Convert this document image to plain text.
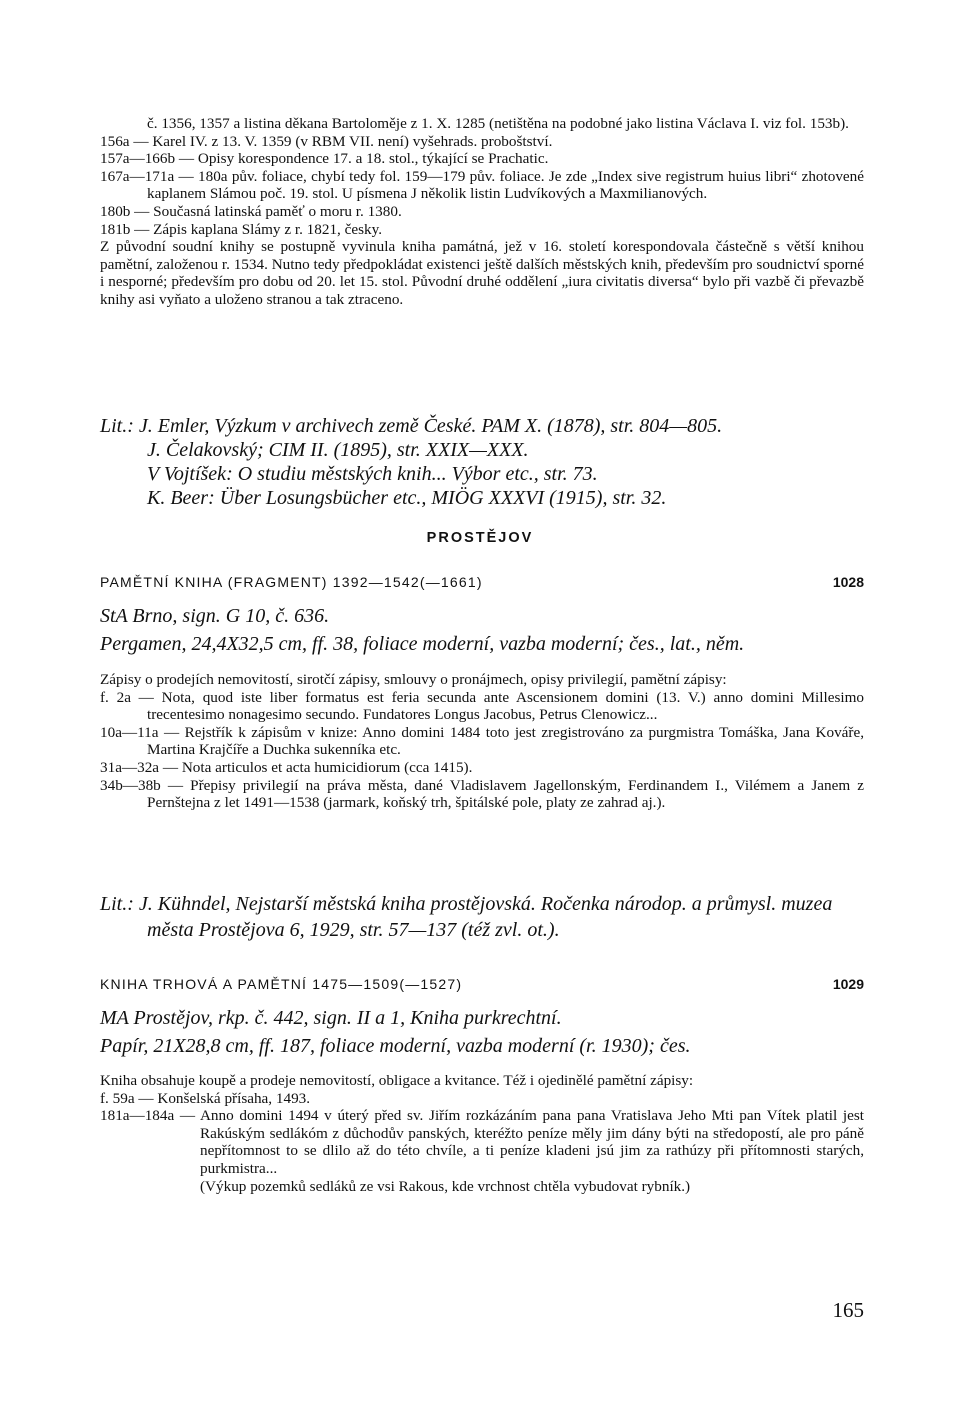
č. 1356, 1357 a listina děkana Bartoloměje z 1. X. 1285 (netištěna na podobné jako listina Václava I. viz fol. 153b).
156a — Karel IV. z 13. V. 1359 (v RBM VII. není) vyšehrads. proboštství.
157a—166b — Opisy korespondence 17. a 18. stol., týkající se Prachatic.
167a—171a — 180a pův. foliace, chybí tedy fol. 159—179 pův. foliace. Je zde „Index sive registrum huius libri“ zhotovené kaplanem Slámou poč. 19. stol. U písmena J několik listin Ludvíkových a Maxmilianových.
180b — Současná latinská paměť o moru r. 1380.
181b — Zápis kaplana Slámy z r. 1821, česky.
Z původní soudní knihy se postupně vyvinula kniha památná, jež v 16. století korespondovala částečně s větší knihou pamětní, založenou r. 1534. Nutno tedy předpokládat existenci ještě dalších městských knih, především pro soudnictví sporné i nesporné; především pro dobu od 20. let 15. stol. Původní druhé oddělení „iura civitatis diversa“ bylo při vazbě či převazbě knihy asi vyňato a uloženo stranou a tak ztraceno.
Lit.: J. Emler, Výzkum v archivech země České. PAM X. (1878), str. 804—805.
J. Čelakovský; CIM II. (1895), str. XXIX—XXX.
V Vojtíšek: O studiu městských knih... Výbor etc., str. 73.
K. Beer: Über Losungsbücher etc., MIÖG XXXVI (1915), str. 32.
PROSTĚJOV
PAMĚTNÍ KNIHA (FRAGMENT) 1392—1542(—1661)	1028
StA Brno, sign. G 10, č. 636.
Pergamen, 24,4X32,5 cm, ff. 38, foliace moderní, vazba moderní; čes., lat., něm.
Zápisy o prodejích nemovitostí, sirotčí zápisy, smlouvy o pronájmech, opisy privilegií, pamětní zápisy:
f. 2a — Nota, quod iste liber formatus est feria secunda ante Ascensionem domini (13. V.) anno domini Millesimo trecentesimo nonagesimo secundo. Fundatores Longus Jacobus, Petrus Clenowicz...
10a—11a — Rejstřík k zápisům v knize: Anno domini 1484 toto jest zregistrováno za purgmistra Tomáška, Jana Kováře, Martina Krajčíře a Duchka sukenníka etc.
31a—32a — Nota articulos et acta humicidiorum (cca 1415).
34b—38b — Přepisy privilegií na práva města, dané Vladislavem Jagellonským, Ferdinandem I., Vilémem a Janem z Pernštejna z let 1491—1538 (jarmark, koňský trh, špitálské pole, platy ze zahrad aj.).
Lit.: J. Kühndel, Nejstarší městská kniha prostějovská. Ročenka národop. a průmysl. muzea města Prostějova 6, 1929, str. 57—137 (též zvl. ot.).
KNIHA TRHOVÁ A PAMĚTNÍ 1475—1509(—1527)	1029
MA Prostějov, rkp. č. 442, sign. II a 1, Kniha purkrechtní.
Papír, 21X28,8 cm, ff. 187, foliace moderní, vazba moderní (r. 1930); čes.
Kniha obsahuje koupě a prodeje nemovitostí, obligace a kvitance. Též i ojedinělé pamětní zápisy:
f. 59a — Konšelská přísaha, 1493.
181a—184a — Anno domini 1494 v úterý před sv. Jiřím rozkázáním pana pana Vratislava Jeho Mti pan Vítek platil jest Rakúským sedlákóm z důchodův panských, kteréžto peníze měly jim dány býti na středopostí, ale pro páně nepřítomnost to se dlilo až do této chvíle, a ti peníze kladeni jsú jim za rathúzy při přítomnosti starých, purkmistra...
(Výkup pozemků sedláků ze vsi Rakous, kde vrchnost chtěla vybudovat rybník.)
165
